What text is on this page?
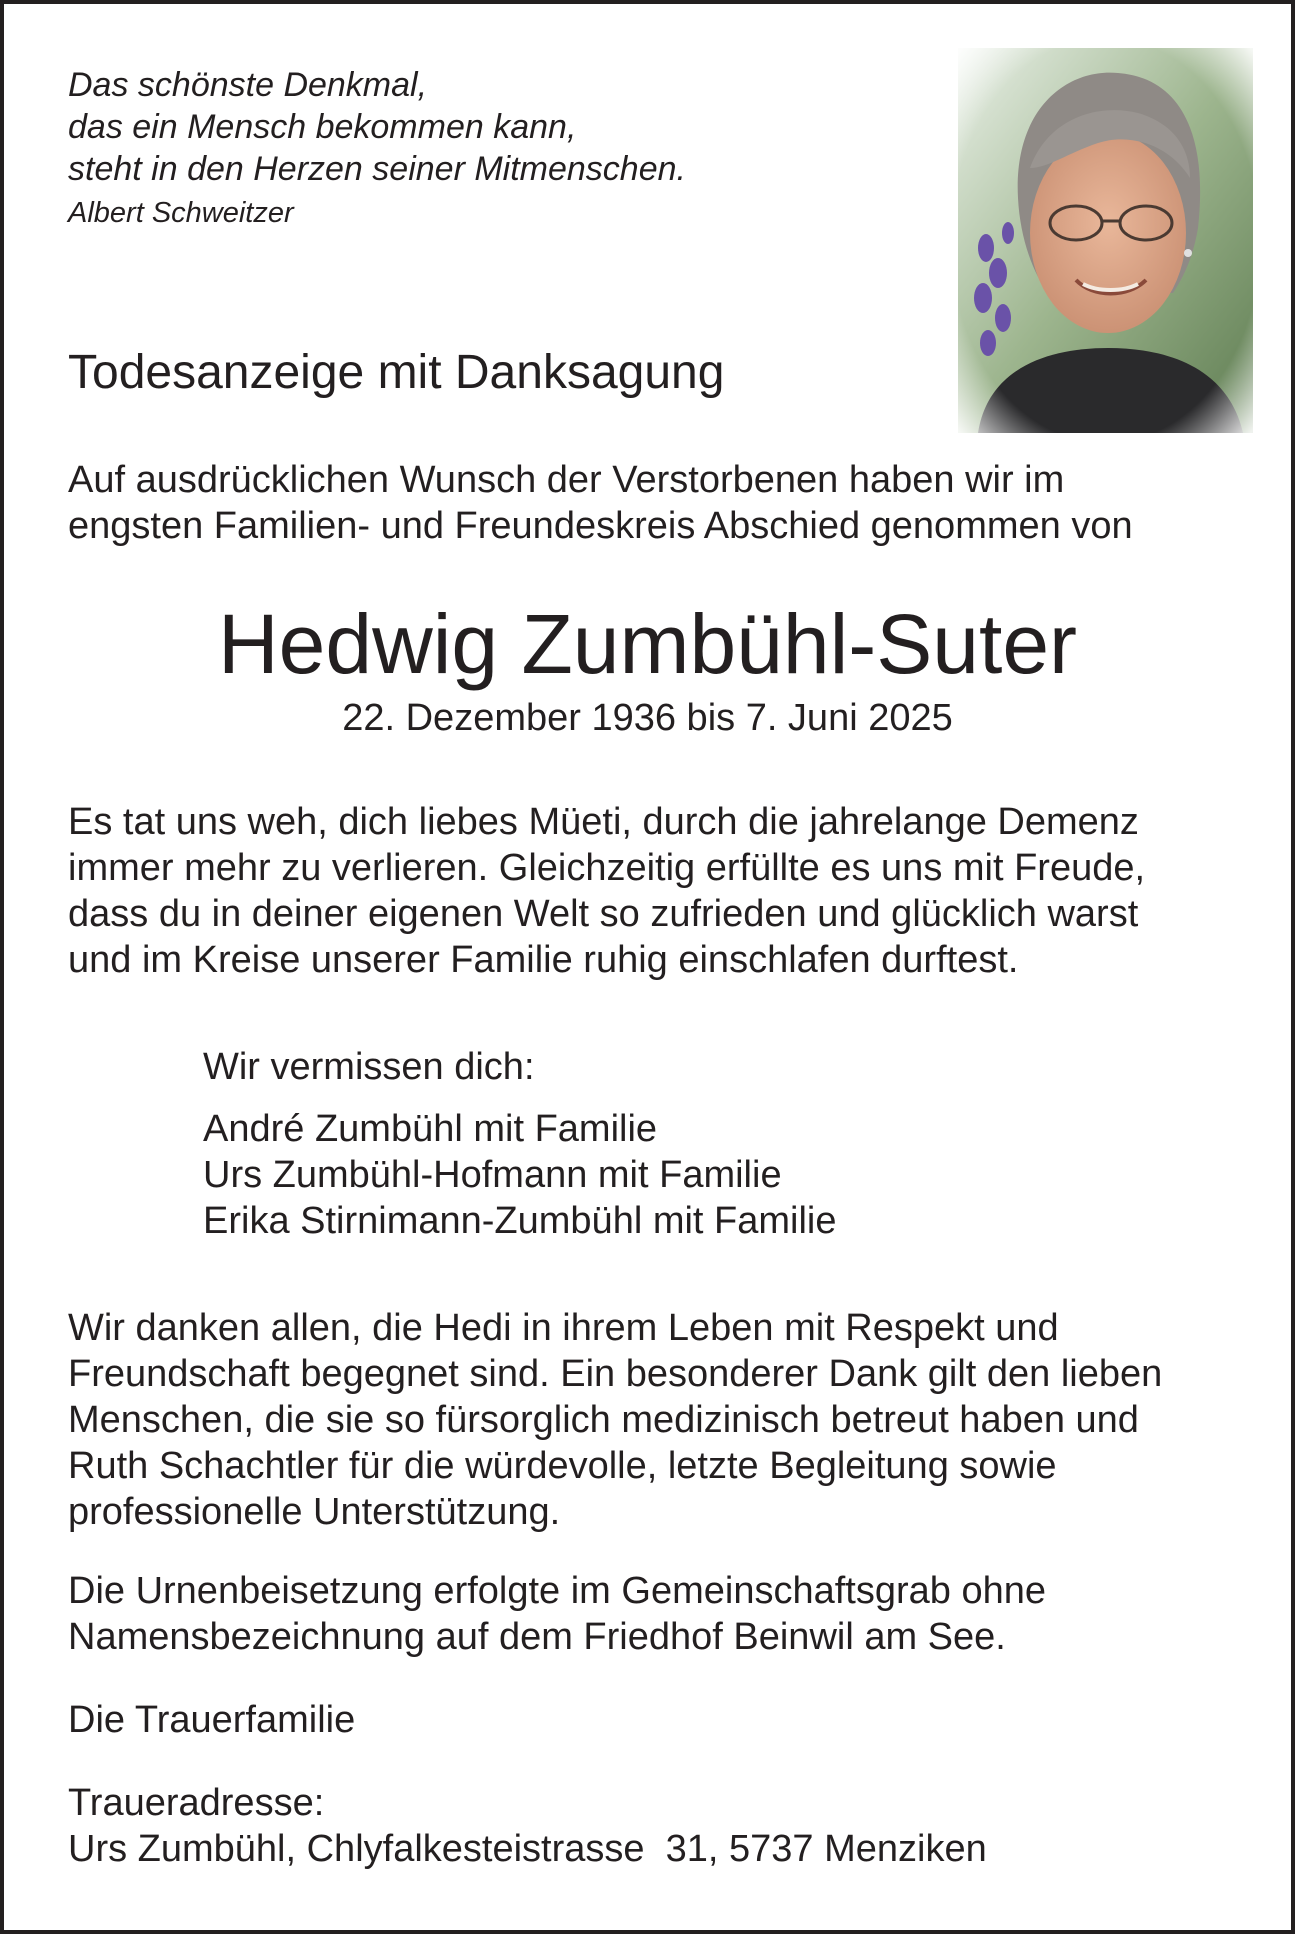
Das schönste Denkmal,
das ein Mensch bekommen kann,
steht in den Herzen seiner Mitmenschen.
Albert Schweitzer
Todesanzeige mit Danksagung
Auf ausdrücklichen Wunsch der Verstorbenen haben wir im
engsten Familien- und Freundeskreis Abschied genommen von
Hedwig Zumbühl-Suter
22. Dezember 1936 bis 7. Juni 2025
Es tat uns weh, dich liebes Müeti, durch die jahrelange Demenz
immer mehr zu verlieren. Gleichzeitig erfüllte es uns mit Freude,
dass du in deiner eigenen Welt so zufrieden und glücklich warst
und im Kreise unserer Familie ruhig einschlafen durftest.
Wir vermissen dich:
André Zumbühl mit Familie
Urs Zumbühl-Hofmann mit Familie
Erika Stirnimann-Zumbühl mit Familie
Wir danken allen, die Hedi in ihrem Leben mit Respekt und
Freundschaft begegnet sind. Ein besonderer Dank gilt den lieben
Menschen, die sie so fürsorglich medizinisch betreut haben und
Ruth Schachtler für die würdevolle, letzte Begleitung sowie
professionelle Unterstützung.
Die Urnenbeisetzung erfolgte im Gemeinschaftsgrab ohne
Namensbezeichnung auf dem Friedhof Beinwil am See.
Die Trauerfamilie
Traueradresse:
Urs Zumbühl, Chlyfalkesteistrasse  31, 5737 Menziken
